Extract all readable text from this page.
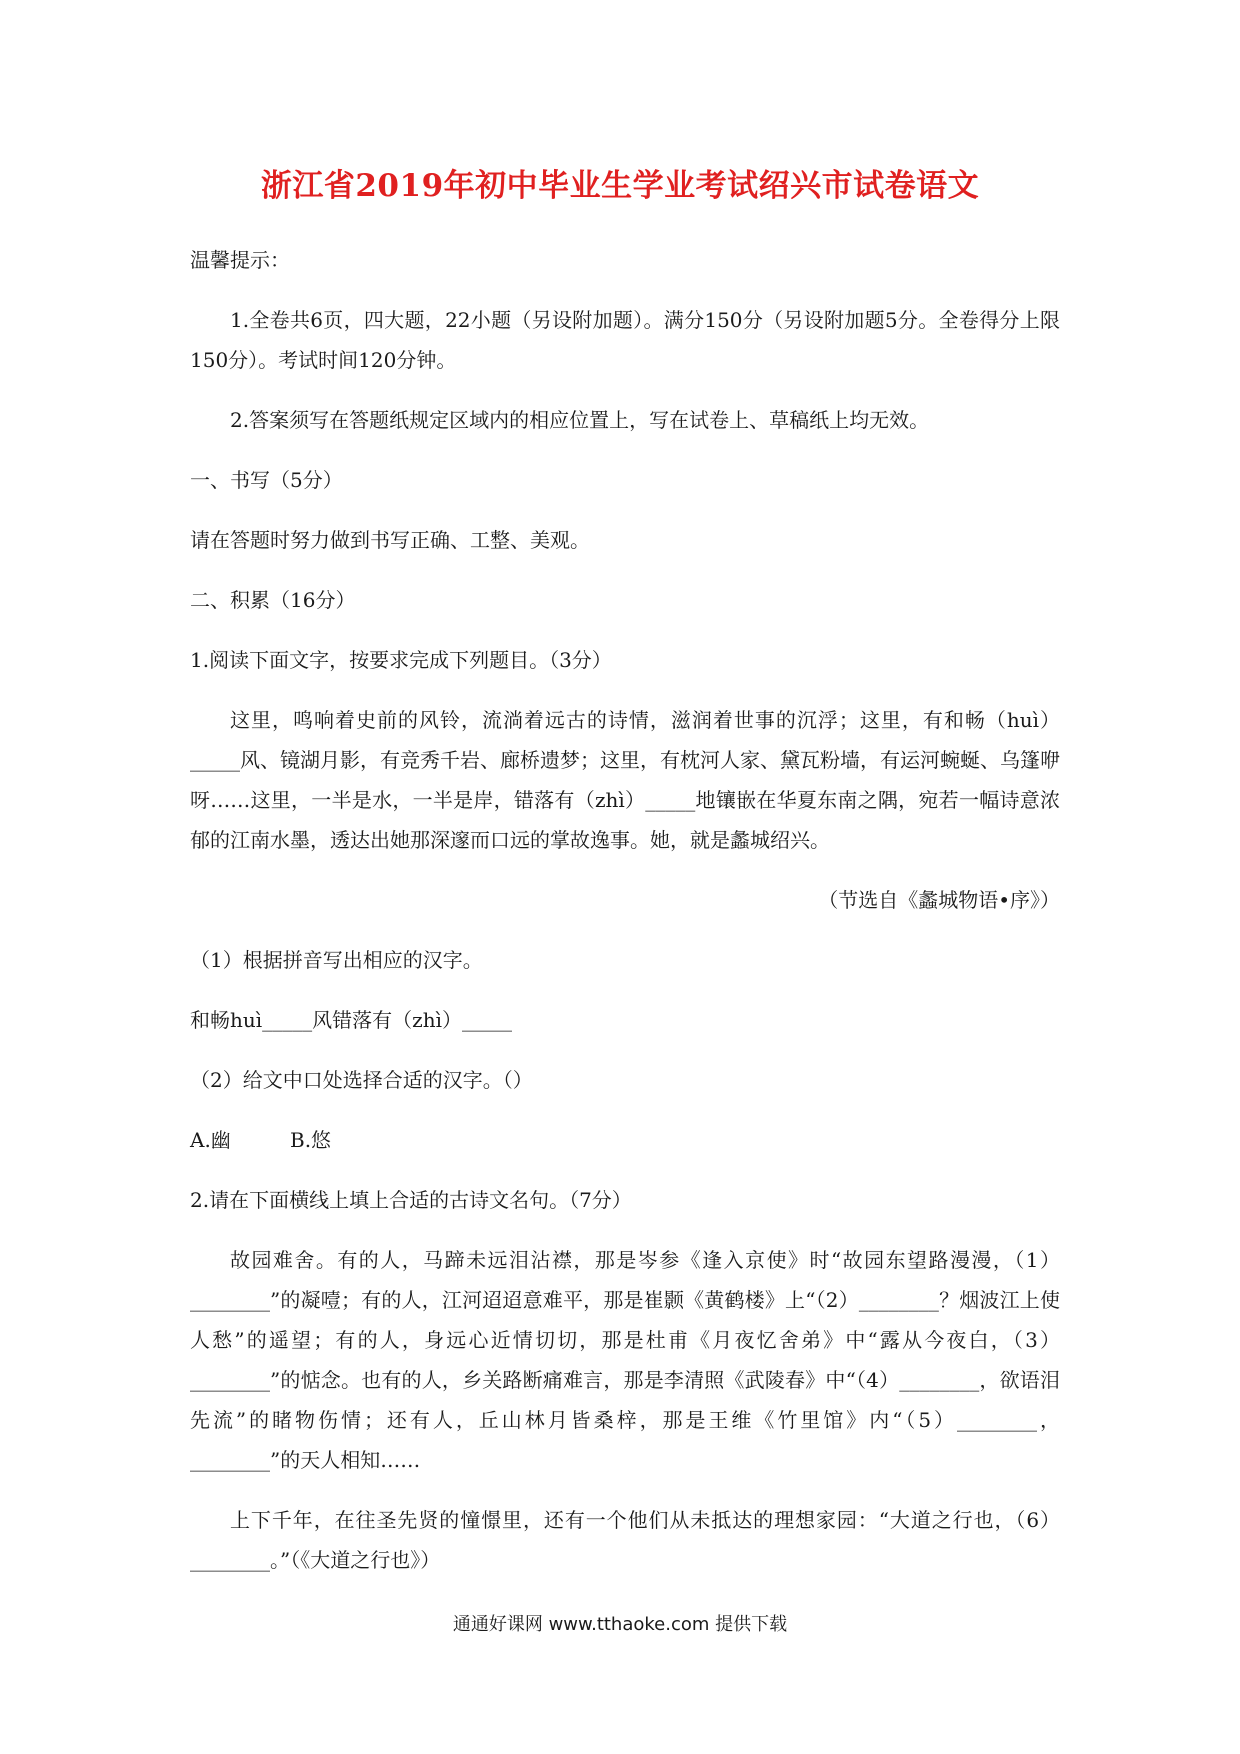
浙江省2019年初中毕业生学业考试绍兴市试卷语文

温馨提示：

1.全卷共6页，四大题，22小题（另设附加题）。满分150分（另设附加题5分。全卷得分上限150分）。考试时间120分钟。

2.答案须写在答题纸规定区域内的相应位置上，写在试卷上、草稿纸上均无效。

一、书写（5分）

请在答题时努力做到书写正确、工整、美观。

二、积累（16分）

1.阅读下面文字，按要求完成下列题目。（3分）

这里，鸣响着史前的风铃，流淌着远古的诗情，滋润着世事的沉浮；这里，有和畅（huì）_____风、镜湖月影，有竞秀千岩、廊桥遗梦；这里，有枕河人家、黛瓦粉墙，有运河蜿蜒、乌篷咿呀……这里，一半是水，一半是岸，错落有（zhì）_____地镶嵌在华夏东南之隅，宛若一幅诗意浓郁的江南水墨，透达出她那深邃而口远的掌故逸事。她，就是蠡城绍兴。

（节选自《蠡城物语•序》）

（1）根据拼音写出相应的汉字。

和畅huì_____风错落有（zhì）_____

（2）给文中口处选择合适的汉字。（）

A.幽	B.悠

2.请在下面横线上填上合适的古诗文名句。（7分）

故园难舍。有的人，马蹄未远泪沾襟，那是岑参《逢入京使》时“故园东望路漫漫，（1）________”的凝噎；有的人，江河迢迢意难平，那是崔颢《黄鹤楼》上“（2）________？烟波江上使人愁”的遥望；有的人，身远心近情切切，那是杜甫《月夜忆舍弟》中“露从今夜白，（3）________”的惦念。也有的人，乡关路断痛难言，那是李清照《武陵春》中“（4）________，欲语泪先流”的睹物伤情；还有人，丘山林月皆桑梓，那是王维《竹里馆》内“（5）________，________”的天人相知……

上下千年，在往圣先贤的憧憬里，还有一个他们从未抵达的理想家园：“大道之行也，（6）________。”（《大道之行也》）

通通好课网 www.tthaoke.com 提供下载
